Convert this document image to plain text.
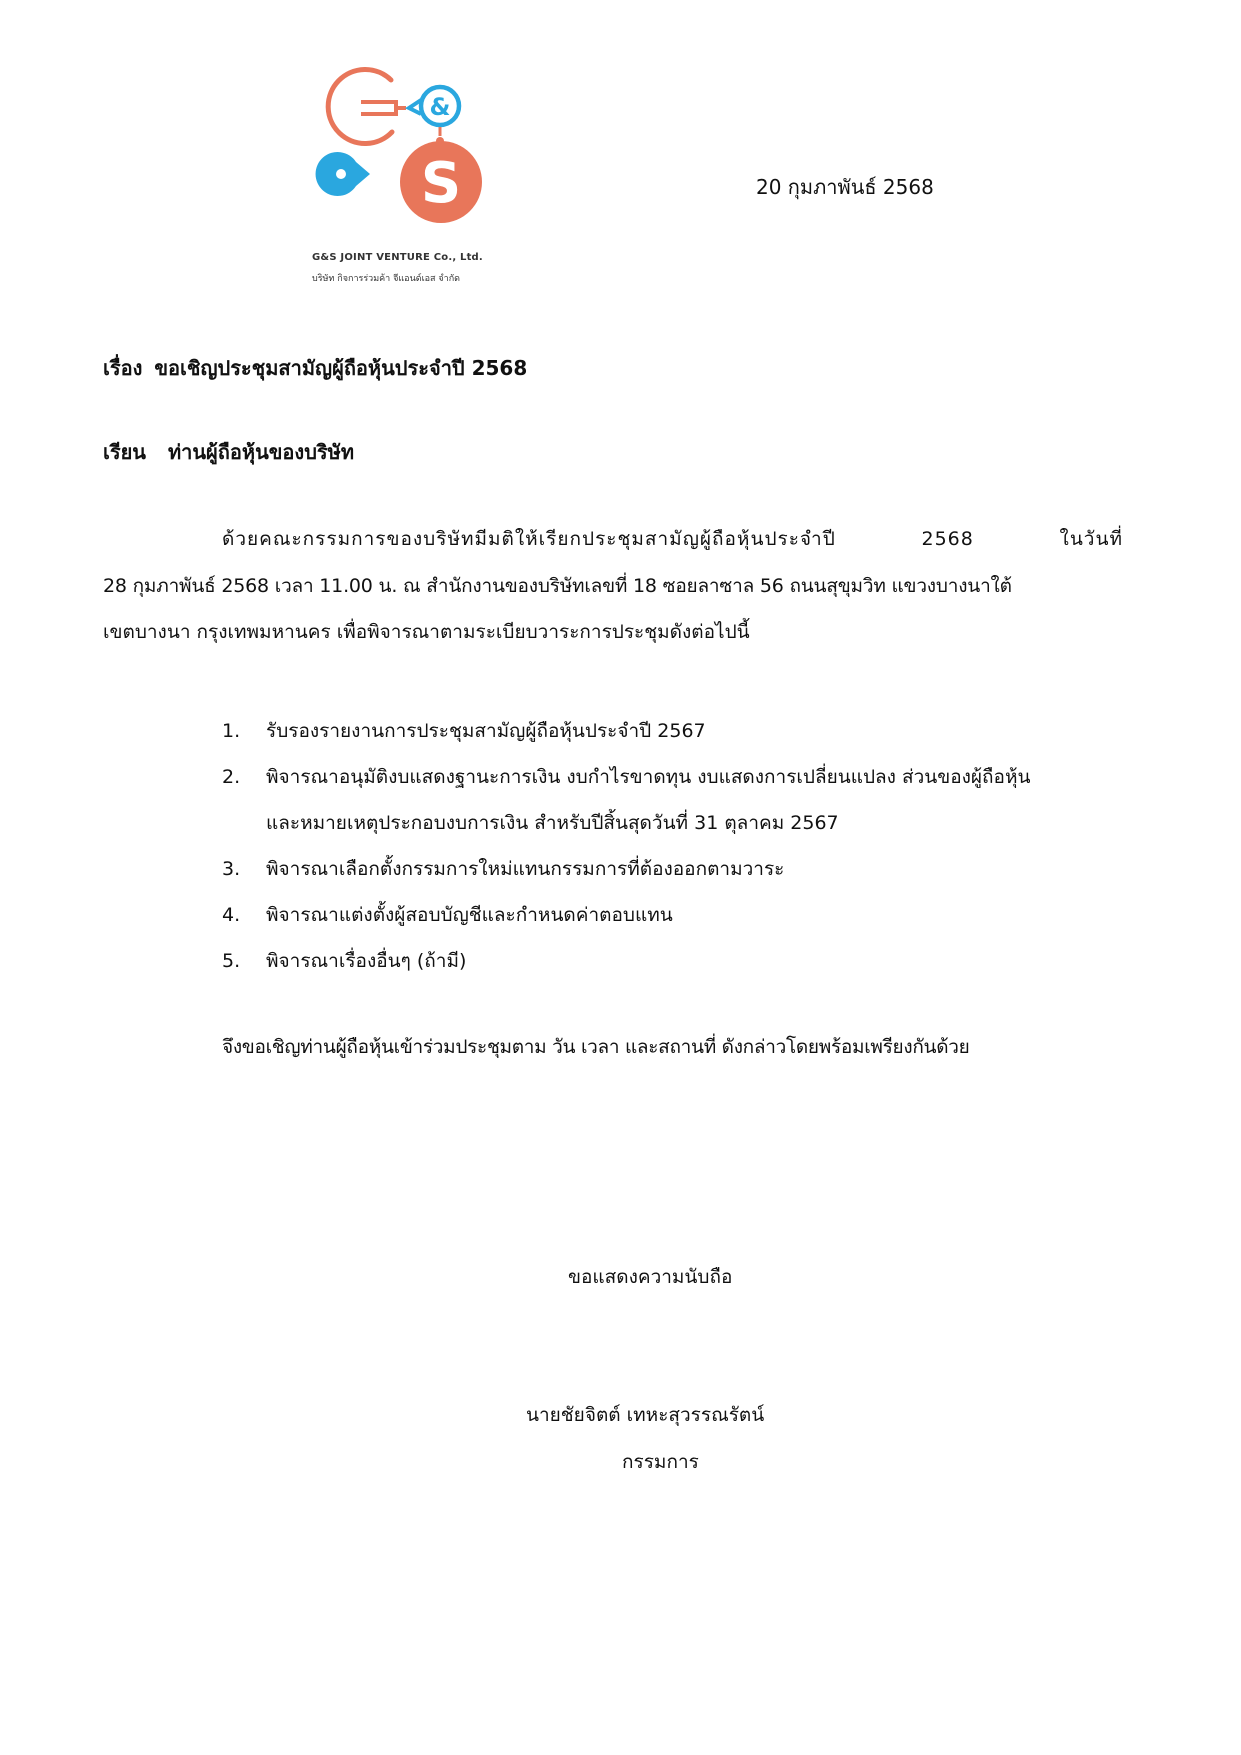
&
S
G&S JOINT VENTURE Co., Ltd.
บริษัท กิจการร่วมค้า จีแอนด์เอส จำกัด
20 กุมภาพันธ์ 2568
เรื่อง ขอเชิญประชุมสามัญผู้ถือหุ้นประจำปี 2568
เรียน ท่านผู้ถือหุ้นของบริษัท
ด้วยคณะกรรมการของบริษัทมีมติให้เรียกประชุมสามัญผู้ถือหุ้นประจำปี 2568 ในวันที่
28 กุมภาพันธ์ 2568 เวลา 11.00 น. ณ สำนักงานของบริษัทเลขที่ 18 ซอยลาซาล 56 ถนนสุขุมวิท แขวงบางนาใต้
เขตบางนา กรุงเทพมหานคร เพื่อพิจารณาตามระเบียบวาระการประชุมดังต่อไปนี้
1. รับรองรายงานการประชุมสามัญผู้ถือหุ้นประจำปี 2567
2. พิจารณาอนุมัติงบแสดงฐานะการเงิน งบกำไรขาดทุน งบแสดงการเปลี่ยนแปลง ส่วนของผู้ถือหุ้น
และหมายเหตุประกอบงบการเงิน สำหรับปีสิ้นสุดวันที่ 31 ตุลาคม 2567
3. พิจารณาเลือกตั้งกรรมการใหม่แทนกรรมการที่ต้องออกตามวาระ
4. พิจารณาแต่งตั้งผู้สอบบัญชีและกำหนดค่าตอบแทน
5. พิจารณาเรื่องอื่นๆ (ถ้ามี)
จึงขอเชิญท่านผู้ถือหุ้นเข้าร่วมประชุมตาม วัน เวลา และสถานที่ ดังกล่าวโดยพร้อมเพรียงกันด้วย
ขอแสดงความนับถือ
นายชัยจิตต์ เทหะสุวรรณรัตน์
กรรมการ
